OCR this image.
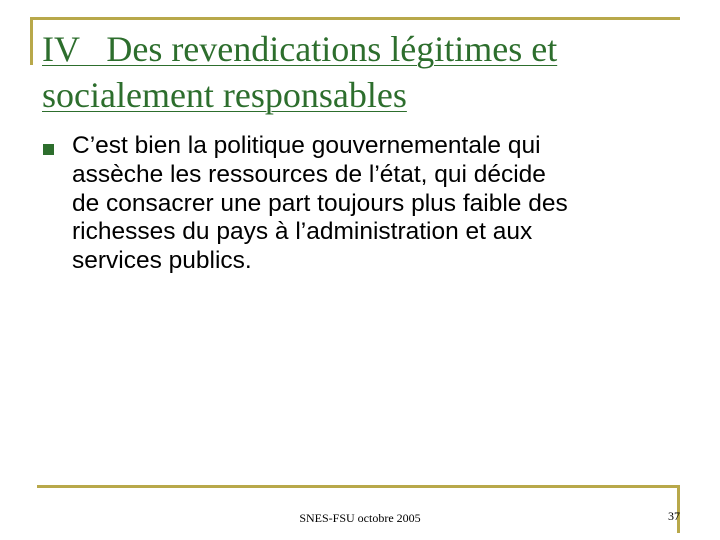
IV   Des revendications légitimes et
socialement responsables
C’est bien la politique gouvernementale qui
assèche les ressources de l’état, qui décide
de consacrer une part toujours plus faible des
richesses du pays à l’administration et aux
services publics.
SNES-FSU octobre 2005	37
